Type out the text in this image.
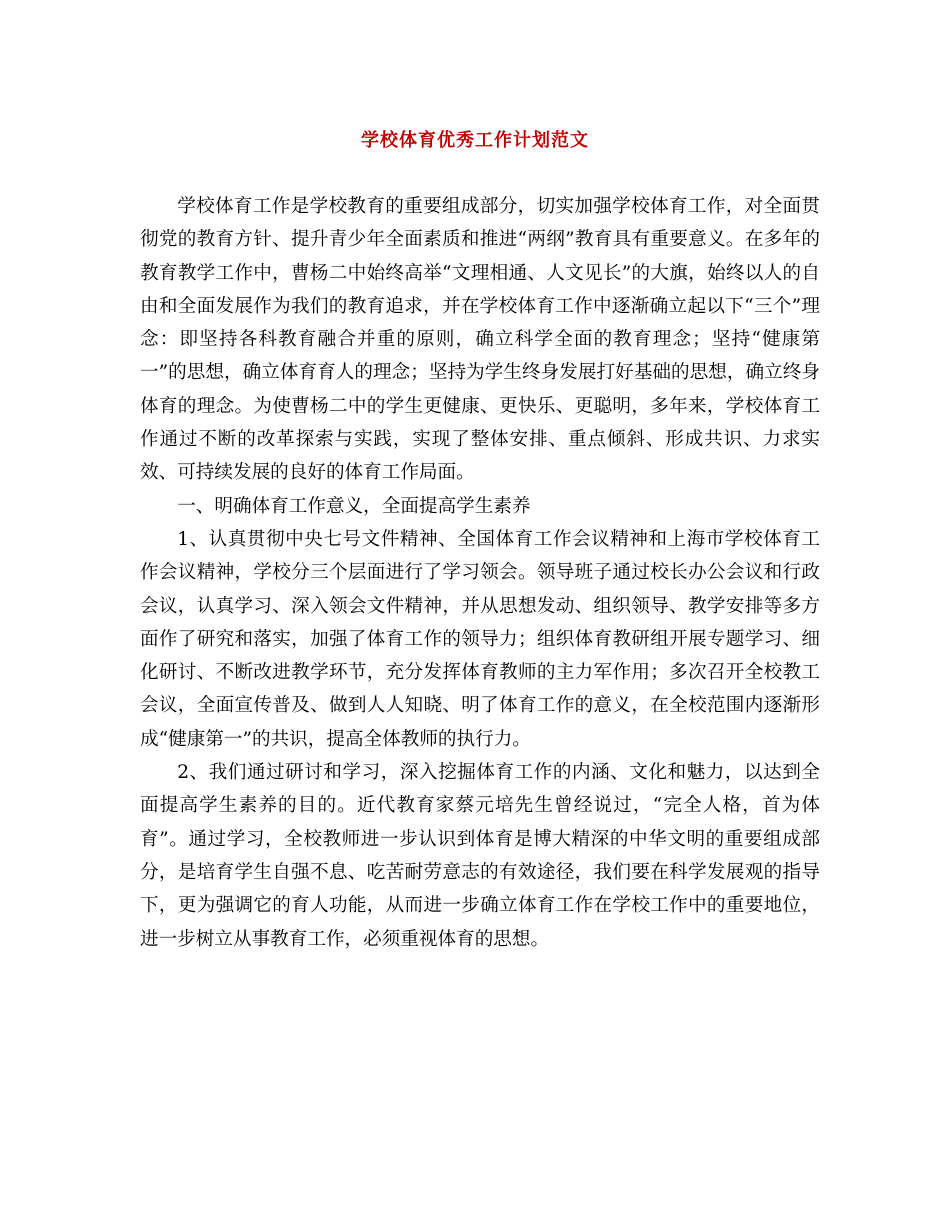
学校体育优秀工作计划范文

学校体育工作是学校教育的重要组成部分，切实加强学校体育工作，对全面贯彻党的教育方针、提升青少年全面素质和推进“两纲”教育具有重要意义。在多年的教育教学工作中，曹杨二中始终高举“文理相通、人文见长”的大旗，始终以人的自由和全面发展作为我们的教育追求，并在学校体育工作中逐渐确立起以下“三个”理念：即坚持各科教育融合并重的原则，确立科学全面的教育理念；坚持“健康第一”的思想，确立体育育人的理念；坚持为学生终身发展打好基础的思想，确立终身体育的理念。为使曹杨二中的学生更健康、更快乐、更聪明，多年来，学校体育工作通过不断的改革探索与实践，实现了整体安排、重点倾斜、形成共识、力求实效、可持续发展的良好的体育工作局面。

一、明确体育工作意义，全面提高学生素养

1、认真贯彻中央七号文件精神、全国体育工作会议精神和上海市学校体育工作会议精神，学校分三个层面进行了学习领会。领导班子通过校长办公会议和行政会议，认真学习、深入领会文件精神，并从思想发动、组织领导、教学安排等多方面作了研究和落实，加强了体育工作的领导力；组织体育教研组开展专题学习、细化研讨、不断改进教学环节，充分发挥体育教师的主力军作用；多次召开全校教工会议，全面宣传普及、做到人人知晓、明了体育工作的意义，在全校范围内逐渐形成“健康第一”的共识，提高全体教师的执行力。

2、我们通过研讨和学习，深入挖掘体育工作的内涵、文化和魅力，以达到全面提高学生素养的目的。近代教育家蔡元培先生曾经说过，“完全人格，首为体育”。通过学习，全校教师进一步认识到体育是博大精深的中华文明的重要组成部分，是培育学生自强不息、吃苦耐劳意志的有效途径，我们要在科学发展观的指导下，更为强调它的育人功能，从而进一步确立体育工作在学校工作中的重要地位，进一步树立从事教育工作，必须重视体育的思想。
